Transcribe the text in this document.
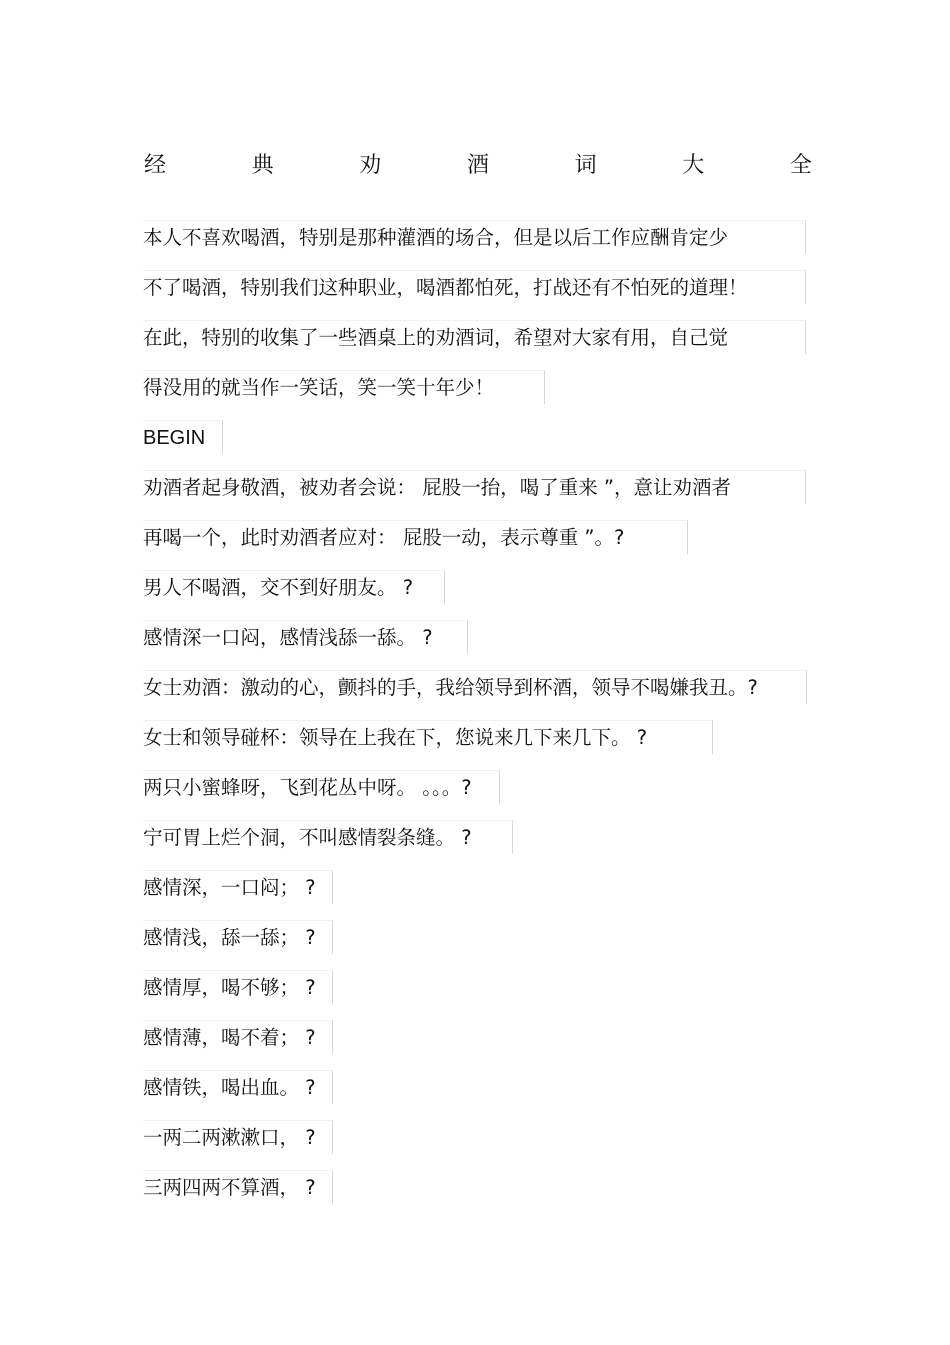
经	典	劝	酒	词	大	全
本人不喜欢喝酒，特别是那种灌酒的场合，但是以后工作应酬肯定少
不了喝酒，特别我们这种职业，喝酒都怕死，打战还有不怕死的道理！
在此，特别的收集了一些酒桌上的劝酒词，希望对大家有用，自己觉
得没用的就当作一笑话，笑一笑十年少！
BEGIN
劝酒者起身敬酒，被劝者会说： 屁股一抬，喝了重来 ”，意让劝酒者
再喝一个，此时劝酒者应对： 屁股一动，表示尊重 ”。?
男人不喝酒，交不到好朋友。 ?
感情深一口闷，感情浅舔一舔。 ?
女士劝酒：激动的心，颤抖的手，我给领导到杯酒，领导不喝嫌我丑。?
女士和领导碰杯：领导在上我在下，您说来几下来几下。 ?
两只小蜜蜂呀，飞到花丛中呀。 。。。?
宁可胃上烂个洞，不叫感情裂条缝。 ?
感情深，一口闷； ?
感情浅，舔一舔； ?
感情厚，喝不够； ?
感情薄，喝不着； ?
感情铁，喝出血。 ?
一两二两漱漱口， ?
三两四两不算酒， ?
